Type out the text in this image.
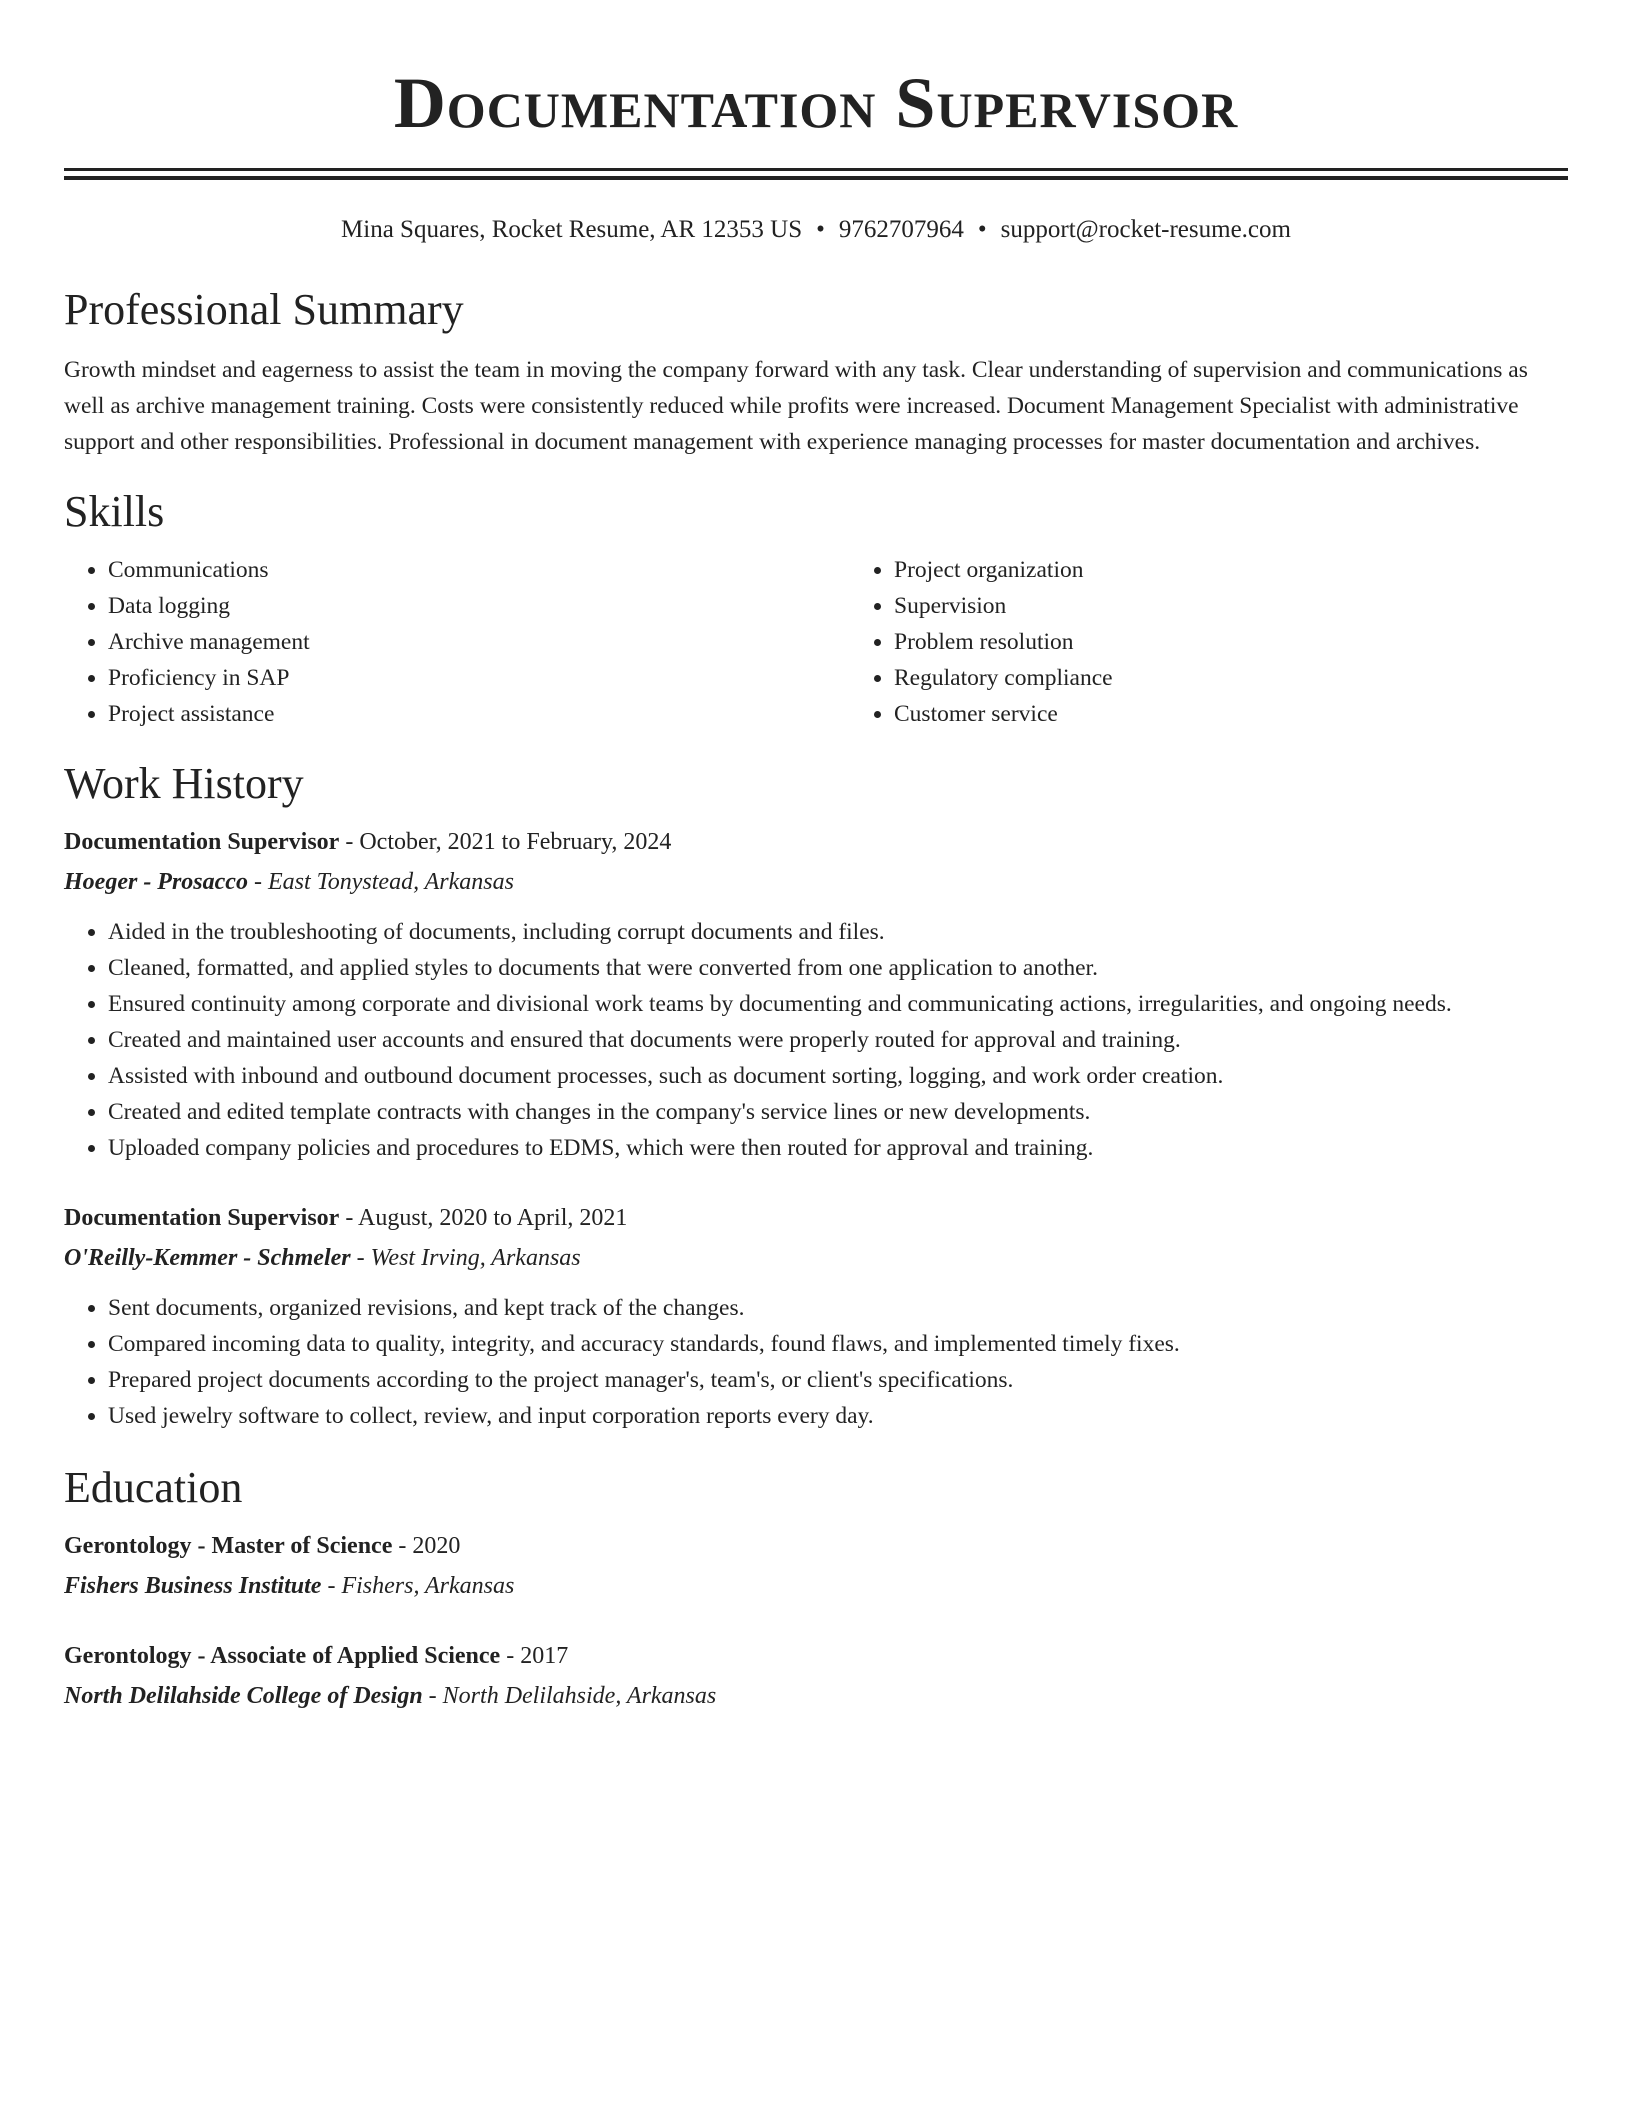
Documentation Supervisor
Mina Squares, Rocket Resume, AR 12353 US • 9762707964 • support@rocket-resume.com
Professional Summary

Growth mindset and eagerness to assist the team in moving the company forward with any task. Clear understanding of supervision and communications as well as archive management training. Costs were consistently reduced while profits were increased. Document Management Specialist with administrative support and other responsibilities. Professional in document management with experience managing processes for master documentation and archives.

Skills
• Communications
• Data logging
• Archive management
• Proficiency in SAP
• Project assistance
• Project organization
• Supervision
• Problem resolution
• Regulatory compliance
• Customer service
Work History
Documentation Supervisor - October, 2021 to February, 2024
Hoeger - Prosacco - East Tonystead, Arkansas
• Aided in the troubleshooting of documents, including corrupt documents and files.
• Cleaned, formatted, and applied styles to documents that were converted from one application to another.
• Ensured continuity among corporate and divisional work teams by documenting and communicating actions, irregularities, and ongoing needs.
• Created and maintained user accounts and ensured that documents were properly routed for approval and training.
• Assisted with inbound and outbound document processes, such as document sorting, logging, and work order creation.
• Created and edited template contracts with changes in the company's service lines or new developments.
• Uploaded company policies and procedures to EDMS, which were then routed for approval and training.
Documentation Supervisor - August, 2020 to April, 2021
O'Reilly-Kemmer - Schmeler - West Irving, Arkansas
• Sent documents, organized revisions, and kept track of the changes.
• Compared incoming data to quality, integrity, and accuracy standards, found flaws, and implemented timely fixes.
• Prepared project documents according to the project manager's, team's, or client's specifications.
• Used jewelry software to collect, review, and input corporation reports every day.
Education
Gerontology - Master of Science - 2020
Fishers Business Institute - Fishers, Arkansas
Gerontology - Associate of Applied Science - 2017
North Delilahside College of Design - North Delilahside, Arkansas
